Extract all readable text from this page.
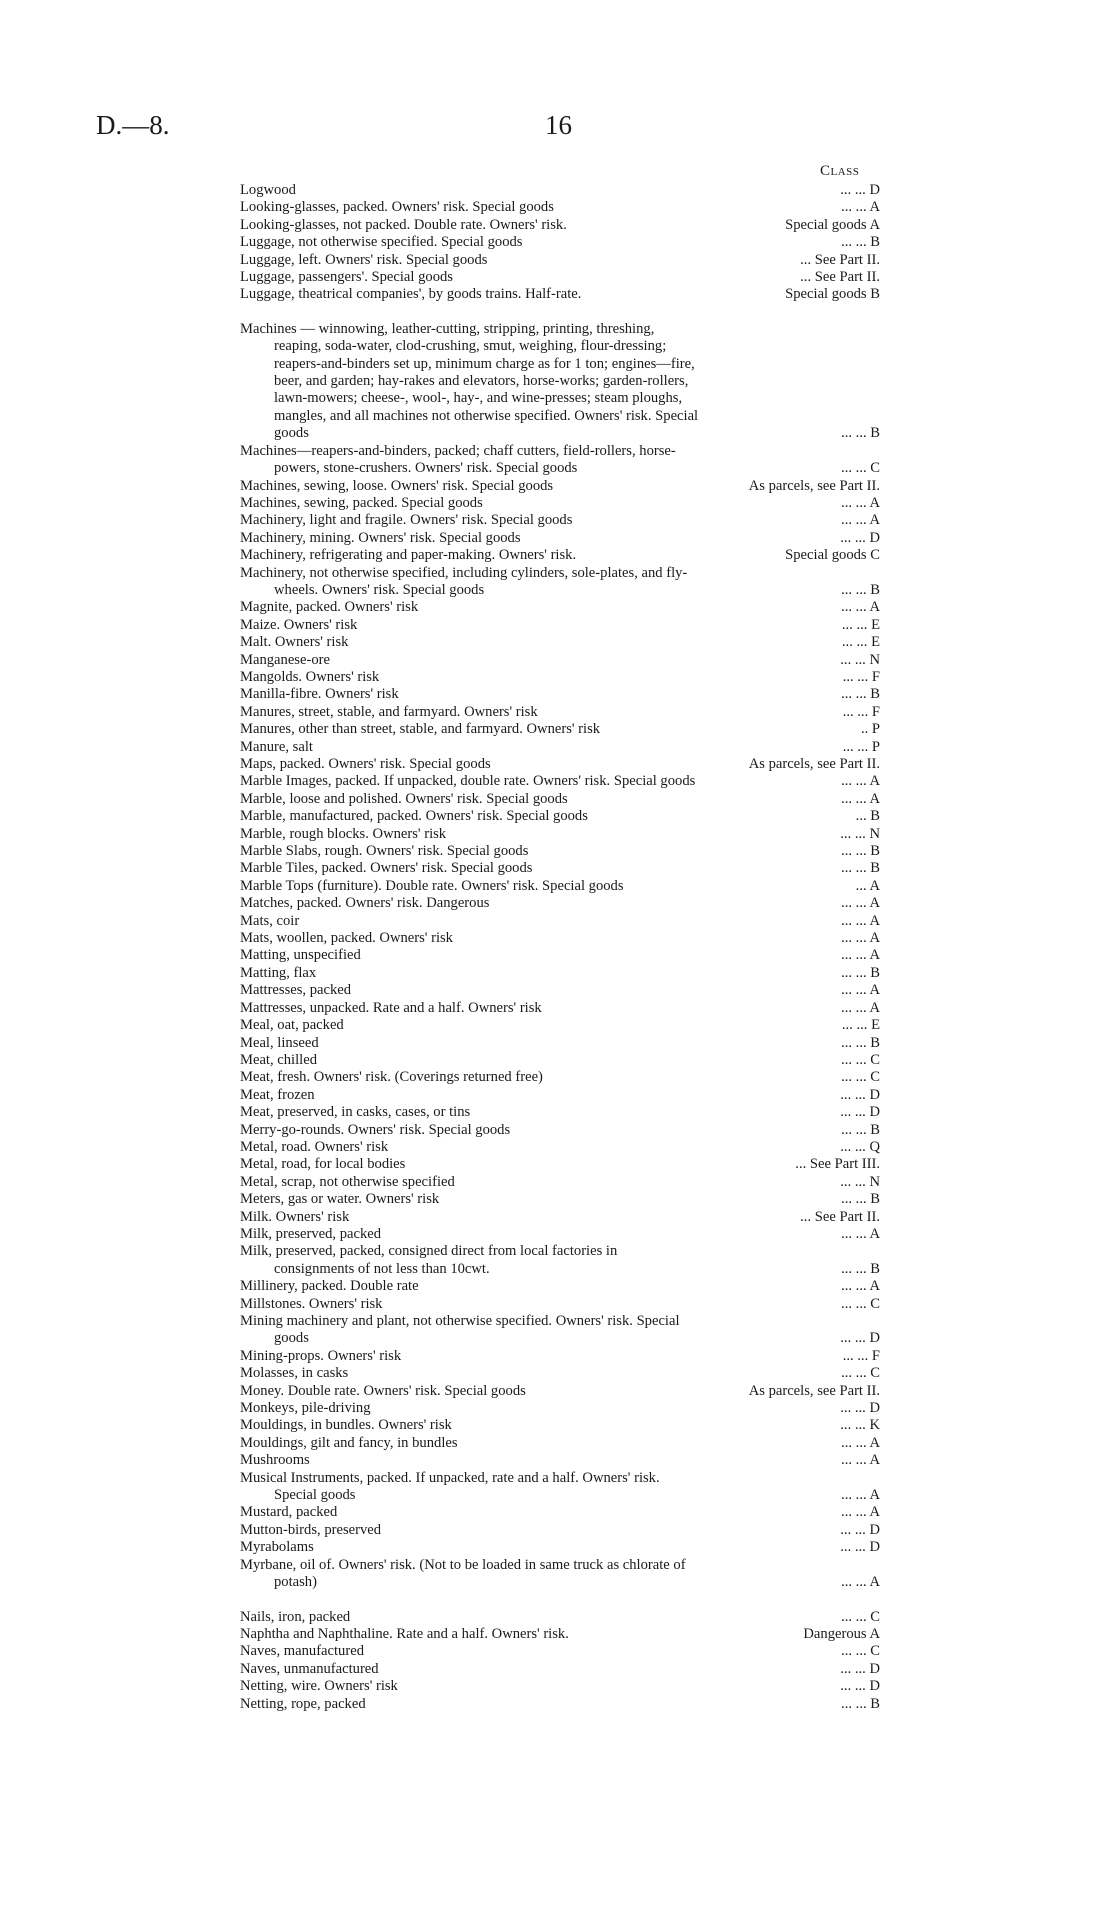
D.—8.	16
Class
Logwood	... ... D
Looking-glasses, packed. Owners' risk. Special goods	... ... A
Looking-glasses, not packed. Double rate. Owners' risk.	Special goods A
Luggage, not otherwise specified. Special goods	... ... B
Luggage, left. Owners' risk. Special goods	... See Part II.
Luggage, passengers'. Special goods	... See Part II.
Luggage, theatrical companies', by goods trains. Half-rate.	Special goods B
Machines — winnowing, leather-cutting, stripping, printing, threshing, reaping, soda-water, clod-crushing, smut, weighing, flour-dressing; reapers-and-binders set up, minimum charge as for 1 ton; engines—fire, beer, and garden; hay-rakes and elevators, horse-works; garden-rollers, lawn-mowers; cheese-, wool-, hay-, and wine-presses; steam ploughs, mangles, and all machines not otherwise specified. Owners' risk. Special goods	... ... B
Machines—reapers-and-binders, packed; chaff cutters, field-rollers, horse-powers, stone-crushers. Owners' risk. Special goods	... ... C
Machines, sewing, loose. Owners' risk. Special goods	As parcels, see Part II.
Machines, sewing, packed. Special goods	... ... A
Machinery, light and fragile. Owners' risk. Special goods	... ... A
Machinery, mining. Owners' risk. Special goods	... ... D
Machinery, refrigerating and paper-making. Owners' risk.	Special goods C
Machinery, not otherwise specified, including cylinders, sole-plates, and fly-wheels. Owners' risk. Special goods	... ... B
Magnite, packed. Owners' risk	... ... A
Maize. Owners' risk	... ... E
Malt. Owners' risk	... ... E
Manganese-ore	... ... N
Mangolds. Owners' risk	... ... F
Manilla-fibre. Owners' risk	... ... B
Manures, street, stable, and farmyard. Owners' risk	... ... F
Manures, other than street, stable, and farmyard. Owners' risk	.. P
Manure, salt	... ... P
Maps, packed. Owners' risk. Special goods	As parcels, see Part II.
Marble Images, packed. If unpacked, double rate. Owners' risk. Special goods	... ... A
Marble, loose and polished. Owners' risk. Special goods	... ... A
Marble, manufactured, packed. Owners' risk. Special goods	... B
Marble, rough blocks. Owners' risk	... ... N
Marble Slabs, rough. Owners' risk. Special goods	... ... B
Marble Tiles, packed. Owners' risk. Special goods	... ... B
Marble Tops (furniture). Double rate. Owners' risk. Special goods	... A
Matches, packed. Owners' risk. Dangerous	... ... A
Mats, coir	... ... A
Mats, woollen, packed. Owners' risk	... ... A
Matting, unspecified	... ... A
Matting, flax	... ... B
Mattresses, packed	... ... A
Mattresses, unpacked. Rate and a half. Owners' risk	... ... A
Meal, oat, packed	... ... E
Meal, linseed	... ... B
Meat, chilled	... ... C
Meat, fresh. Owners' risk. (Coverings returned free)	... ... C
Meat, frozen	... ... D
Meat, preserved, in casks, cases, or tins	... ... D
Merry-go-rounds. Owners' risk. Special goods	... ... B
Metal, road. Owners' risk	... ... Q
Metal, road, for local bodies	... See Part III.
Metal, scrap, not otherwise specified	... ... N
Meters, gas or water. Owners' risk	... ... B
Milk. Owners' risk	... See Part II.
Milk, preserved, packed	... ... A
Milk, preserved, packed, consigned direct from local factories in consignments of not less than 10cwt.	... ... B
Millinery, packed. Double rate	... ... A
Millstones. Owners' risk	... ... C
Mining machinery and plant, not otherwise specified. Owners' risk. Special goods	... ... D
Mining-props. Owners' risk	... ... F
Molasses, in casks	... ... C
Money. Double rate. Owners' risk. Special goods	As parcels, see Part II.
Monkeys, pile-driving	... ... D
Mouldings, in bundles. Owners' risk	... ... K
Mouldings, gilt and fancy, in bundles	... ... A
Mushrooms	... ... A
Musical Instruments, packed. If unpacked, rate and a half. Owners' risk. Special goods	... ... A
Mustard, packed	... ... A
Mutton-birds, preserved	... ... D
Myrabolams	... ... D
Myrbane, oil of. Owners' risk. (Not to be loaded in same truck as chlorate of potash)	... ... A
Nails, iron, packed	... ... C
Naphtha and Naphthaline. Rate and a half. Owners' risk.	Dangerous A
Naves, manufactured	... ... C
Naves, unmanufactured	... ... D
Netting, wire. Owners' risk	... ... D
Netting, rope, packed	... ... B
